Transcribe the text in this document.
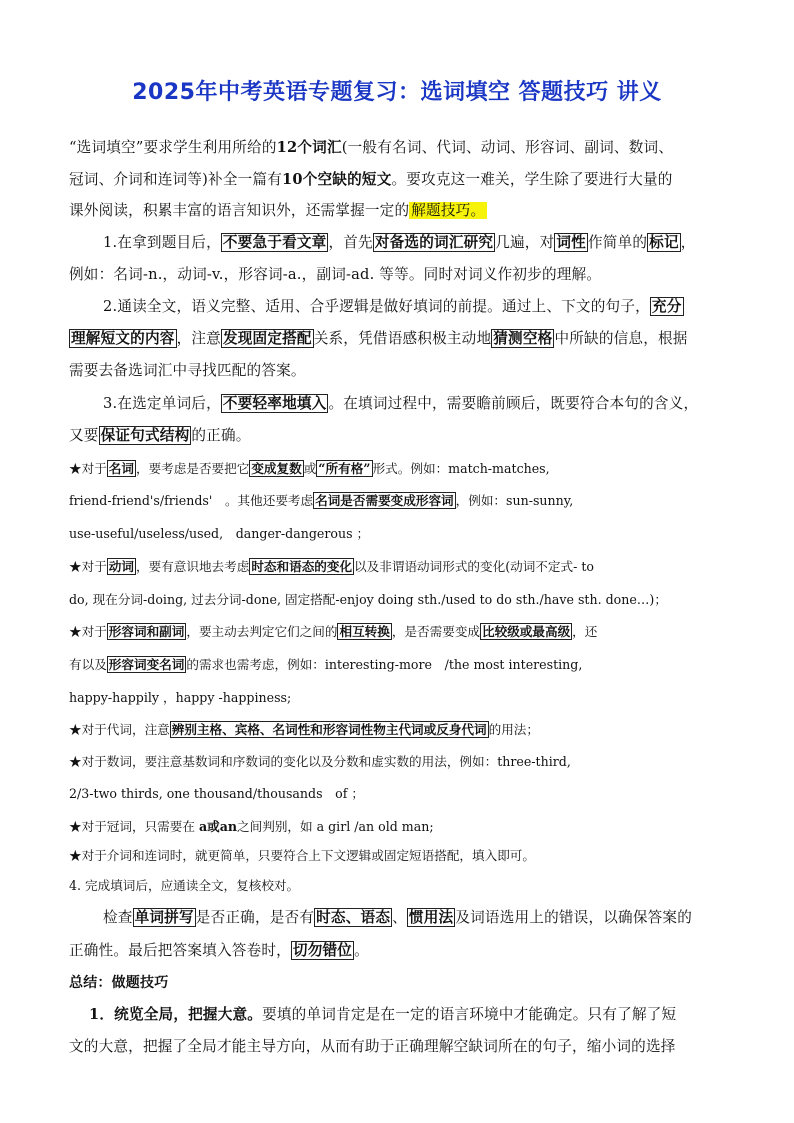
2025年中考英语专题复习：选词填空 答题技巧 讲义
“选词填空”要求学生利用所给的12个词汇(一般有名词、代词、动词、形容词、副词、数词、
冠词、介词和连词等)补全一篇有10个空缺的短文。要攻克这一难关，学生除了要进行大量的
课外阅读，积累丰富的语言知识外，还需掌握一定的 解题技巧。
1.在拿到题目后， 不要急于看文章 ，首先 对备选的词汇研究 几遍，对 词性 作简单的 标记 ，
例如：名词-n.，动词-v.，形容词-a.，副词-ad. 等等。同时对词义作初步的理解。
2.通读全文，语义完整、适用、合乎逻辑是做好填词的前提。通过上、下文的句子， 充分
理解短文的内容 ，注意 发现固定搭配 关系，凭借语感积极主动地 猜测空格 中所缺的信息，根据
需要去备选词汇中寻找匹配的答案。
3.在选定单词后， 不要轻率地填入 。在填词过程中，需要瞻前顾后，既要符合本句的含义，
又要 保证句式结构 的正确。
★对于 名词 ，要考虑是否要把它 变成复数 或 “所有格” 形式。例如：match-matches,
friend-friend's/friends'　。其他还要考虑 名词是否需要变成形容词 ，例如：sun-sunny,
use-useful/useless/used,　danger-dangerous ；
★对于 动词 ，要有意识地去考虑 时态和语态的变化 以及非谓语动词形式的变化(动词不定式- to
do, 现在分词-doing, 过去分词-done, 固定搭配-enjoy doing sth./used to do sth./have sth. done…)；
★对于 形容词和副词 ，要主动去判定它们之间的 相互转换 ，是否需要变成 比较级或最高级 ，还
有以及 形容词变名词 的需求也需考虑，例如：interesting-more　/the most interesting,
happy-happily ，happy -happiness;
★对于代词，注意 辨别主格、宾格、名词性和形容词性物主代词或反身代词 的用法；
★对于数词，要注意基数词和序数词的变化以及分数和虚实数的用法，例如：three-third,
2/3-two thirds, one thousand/thousands　of ；
★对于冠词，只需要在 a或an之间判别，如 a girl /an old man;
★对于介词和连词时，就更简单，只要符合上下文逻辑或固定短语搭配，填入即可。
4. 完成填词后，应通读全文，复核校对。
检查 单词拼写 是否正确，是否有 时态、语态 、 惯用法 及词语选用上的错误，以确保答案的
正确性。最后把答案填入答卷时， 切勿错位 。
总结：做题技巧
1．统览全局，把握大意。要填的单词肯定是在一定的语言环境中才能确定。只有了解了短
文的大意，把握了全局才能主导方向，从而有助于正确理解空缺词所在的句子，缩小词的选择
